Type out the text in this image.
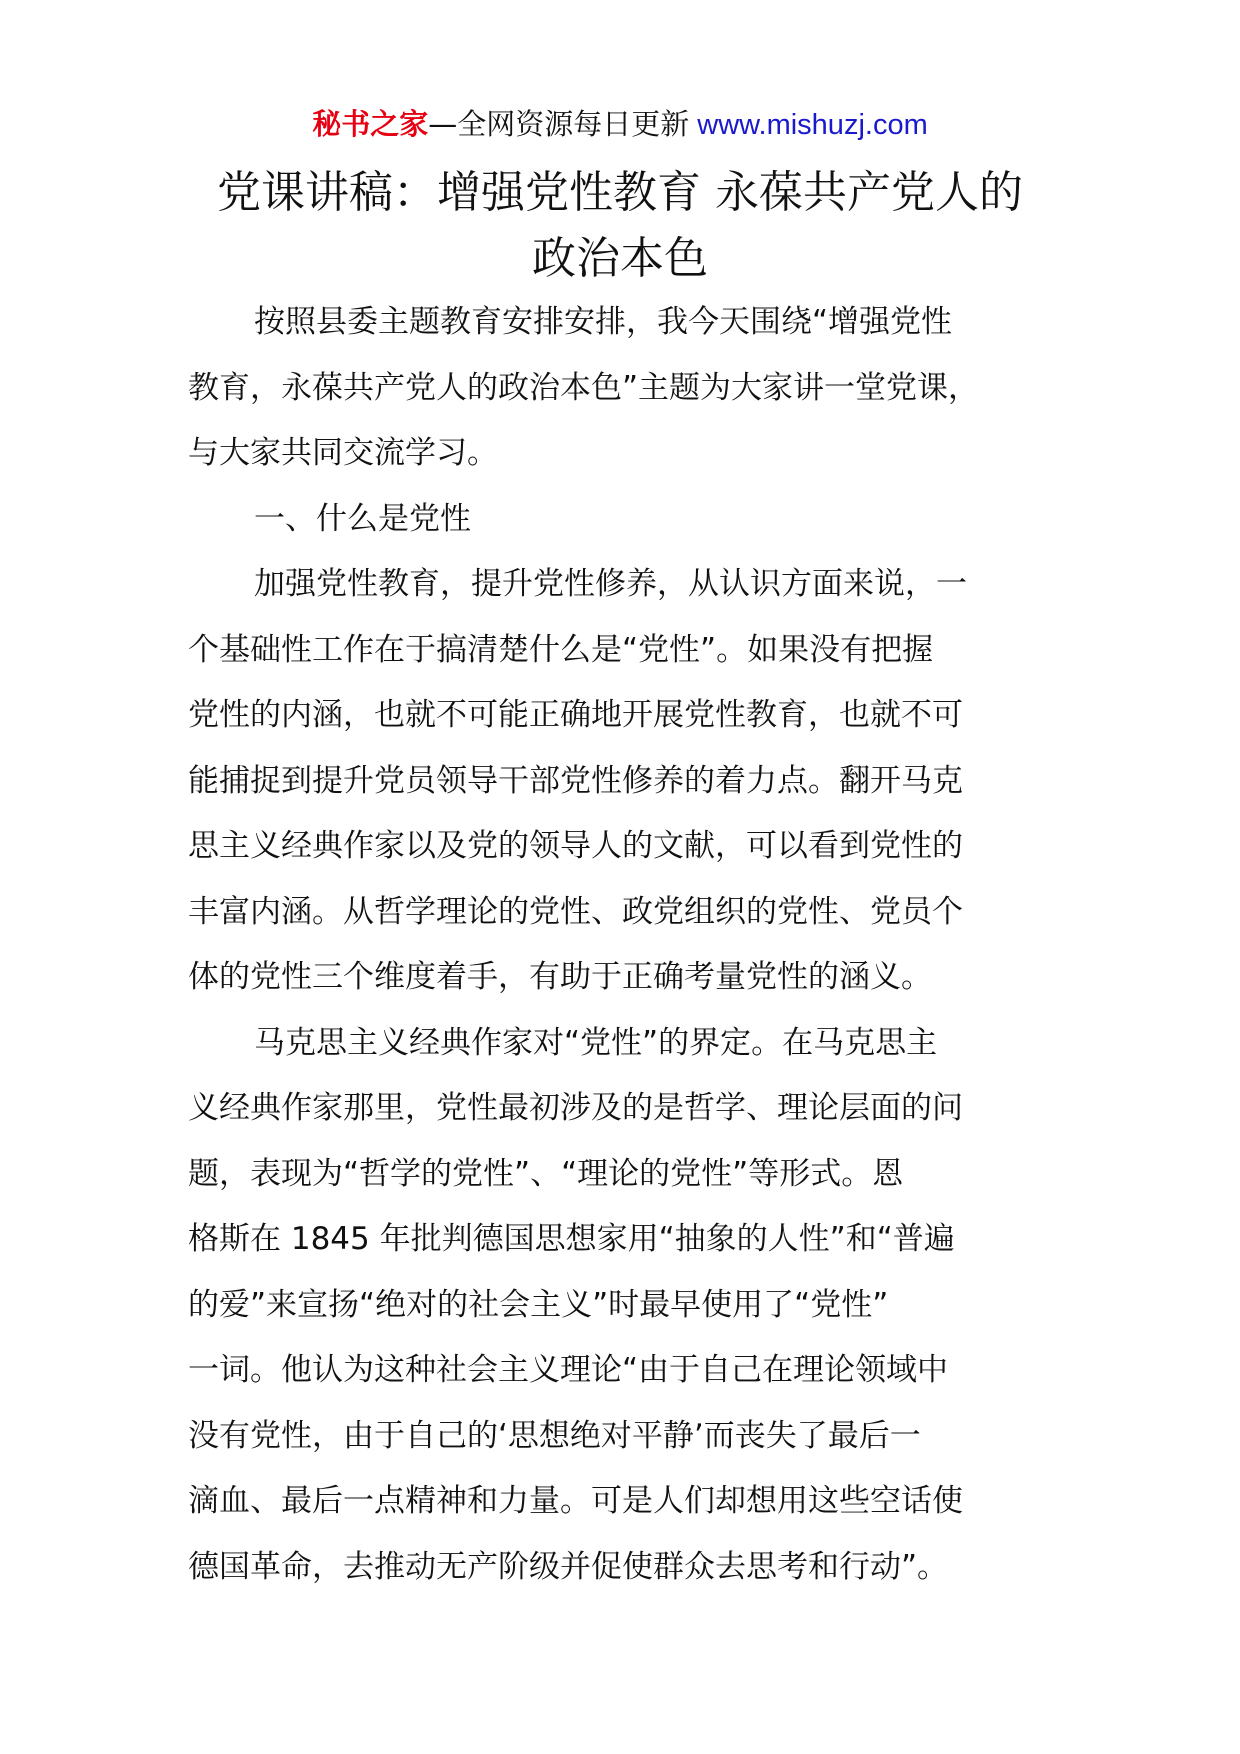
秘书之家—全网资源每日更新 www.mishuzj.com
党课讲稿：增强党性教育 永葆共产党人的
政治本色
按照县委主题教育安排安排，我今天围绕“增强党性
教育，永葆共产党人的政治本色”主题为大家讲一堂党课，
与大家共同交流学习。
一、什么是党性
加强党性教育，提升党性修养，从认识方面来说，一
个基础性工作在于搞清楚什么是“党性”。如果没有把握
党性的内涵，也就不可能正确地开展党性教育，也就不可
能捕捉到提升党员领导干部党性修养的着力点。翻开马克
思主义经典作家以及党的领导人的文献，可以看到党性的
丰富内涵。从哲学理论的党性、政党组织的党性、党员个
体的党性三个维度着手，有助于正确考量党性的涵义。
马克思主义经典作家对“党性”的界定。在马克思主
义经典作家那里，党性最初涉及的是哲学、理论层面的问
题，表现为“哲学的党性”、“理论的党性”等形式。恩
格斯在 1845 年批判德国思想家用“抽象的人性”和“普遍
的爱”来宣扬“绝对的社会主义”时最早使用了“党性”
一词。他认为这种社会主义理论“由于自己在理论领域中
没有党性，由于自己的‘思想绝对平静’而丧失了最后一
滴血、最后一点精神和力量。可是人们却想用这些空话使
德国革命，去推动无产阶级并促使群众去思考和行动”。
